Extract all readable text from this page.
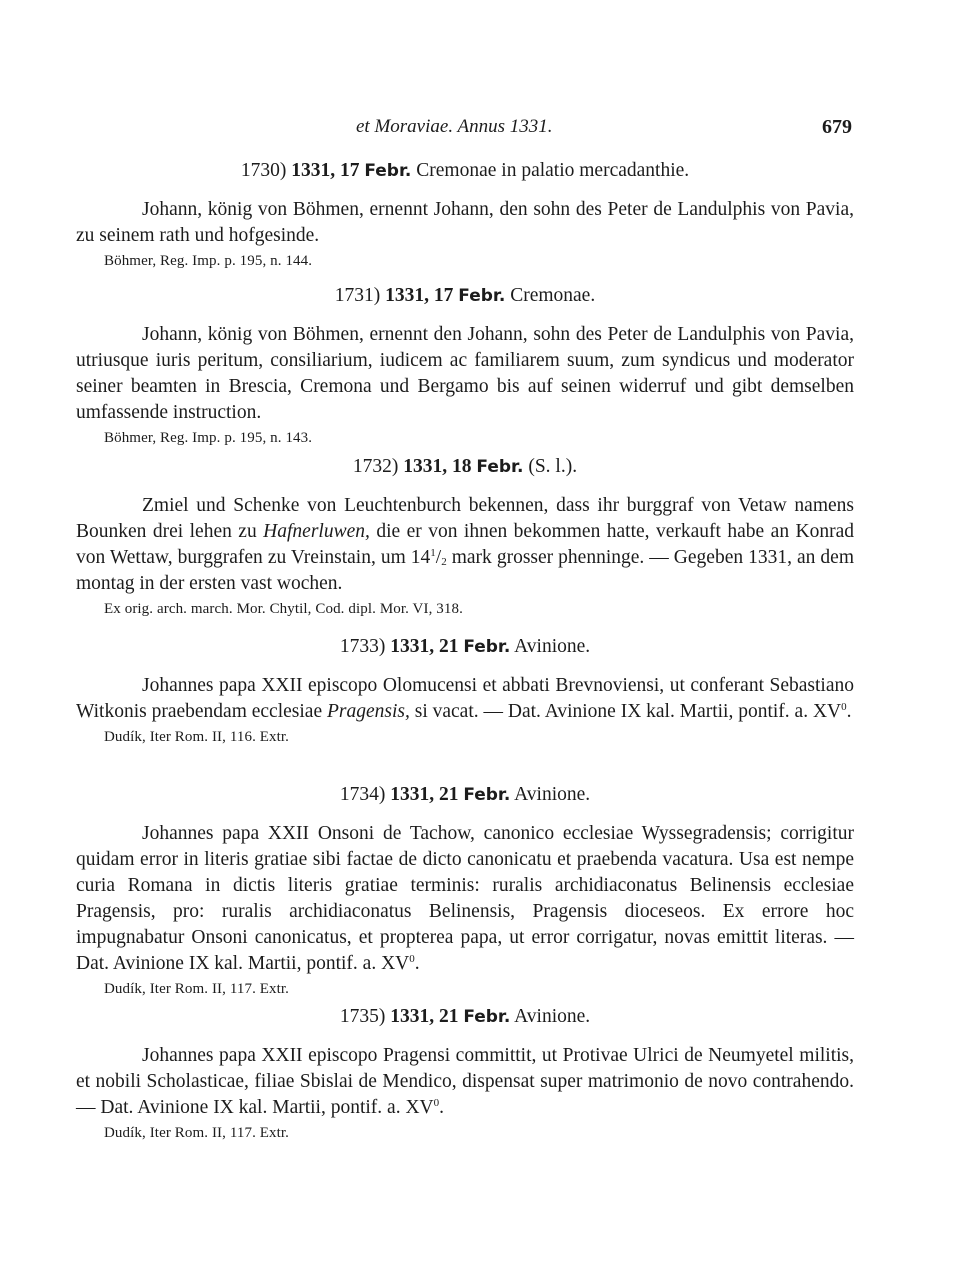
et Moraviae. Annus 1331.	679
1730) 1331, 17 Febr. Cremonae in palatio mercadanthie.
Johann, könig von Böhmen, ernennt Johann, den sohn des Peter de Landulphis von Pavia, zu seinem rath und hofgesinde.
Böhmer, Reg. Imp. p. 195, n. 144.
1731) 1331, 17 Febr. Cremonae.
Johann, könig von Böhmen, ernennt den Johann, sohn des Peter de Landulphis von Pavia, utriusque iuris peritum, consiliarium, iudicem ac familiarem suum, zum syndicus und moderator seiner beamten in Brescia, Cremona und Bergamo bis auf seinen widerruf und gibt demselben umfassende instruction.
Böhmer, Reg. Imp. p. 195, n. 143.
1732) 1331, 18 Febr. (S. l.).
Zmiel und Schenke von Leuchtenburch bekennen, dass ihr burggraf von Vetaw namens Bounken drei lehen zu Hafnerluwen, die er von ihnen bekommen hatte, verkauft habe an Konrad von Wettaw, burggrafen zu Vreinstain, um $14^1/_2$ mark grosser phenninge. — Gegeben 1331, an dem montag in der ersten vast wochen.
Ex orig. arch. march. Mor. Chytil, Cod. dipl. Mor. VI, 318.
1733) 1331, 21 Febr. Avinione.
Johannes papa XXII episcopo Olomucensi et abbati Brevnoviensi, ut conferant Sebastiano Witkonis praebendam ecclesiae Pragensis, si vacat. — Dat. Avinione IX kal. Martii, pontif. a. $XV^0$.
Dudík, Iter Rom. II, 116. Extr.
1734) 1331, 21 Febr. Avinione.
Johannes papa XXII Onsoni de Tachow, canonico ecclesiae Wyssegradensis; corrigitur quidam error in literis gratiae sibi factae de dicto canonicatu et praebenda vacatura. Usa est nempe curia Romana in dictis literis gratiae terminis: ruralis archidiaconatus Belinensis ecclesiae Pragensis, pro: ruralis archidiaconatus Belinensis, Pragensis dioceseos. Ex errore hoc impugnabatur Onsoni canonicatus, et propterea papa, ut error corrigatur, novas emittit literas. — Dat. Avinione IX kal. Martii, pontif. a. $XV^0$.
Dudík, Iter Rom. II, 117. Extr.
1735) 1331, 21 Febr. Avinione.
Johannes papa XXII episcopo Pragensi committit, ut Protivae Ulrici de Neumyetel militis, et nobili Scholasticae, filiae Sbislai de Mendico, dispensat super matrimonio de novo contrahendo. — Dat. Avinione IX kal. Martii, pontif. a. $XV^0$.
Dudík, Iter Rom. II, 117. Extr.
